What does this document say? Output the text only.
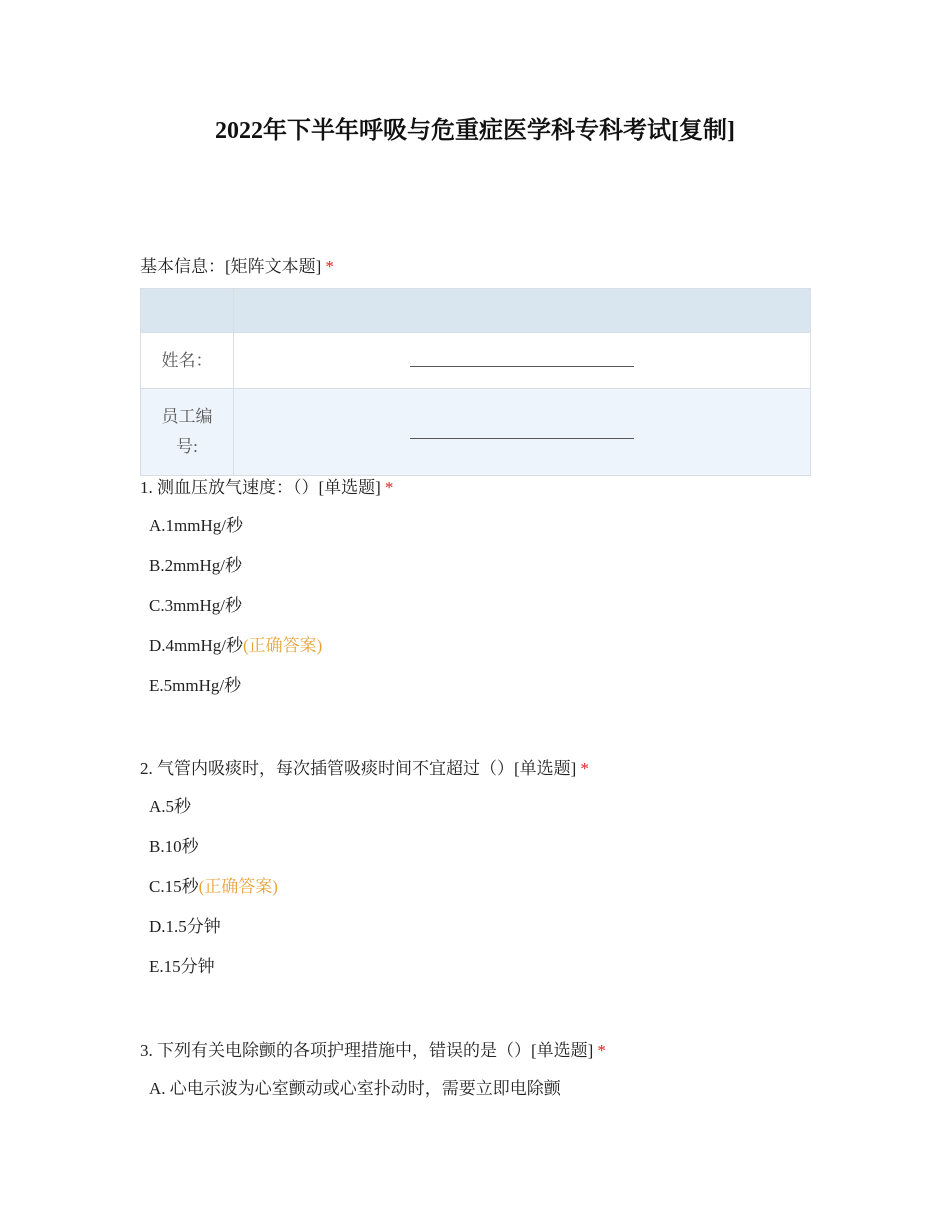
2022年下半年呼吸与危重症医学科专科考试[复制]
基本信息：[矩阵文本题] *

姓名：	

员工编号:	
1. 测血压放气速度：（）[单选题] *
A.1mmHg/秒
B.2mmHg/秒
C.3mmHg/秒
D.4mmHg/秒(正确答案)
E.5mmHg/秒
2. 气管内吸痰时，每次插管吸痰时间不宜超过（）[单选题] *
A.5秒
B.10秒
C.15秒(正确答案)
D.1.5分钟
E.15分钟
3. 下列有关电除颤的各项护理措施中，错误的是（）[单选题] *
A. 心电示波为心室颤动或心室扑动时，需要立即电除颤
